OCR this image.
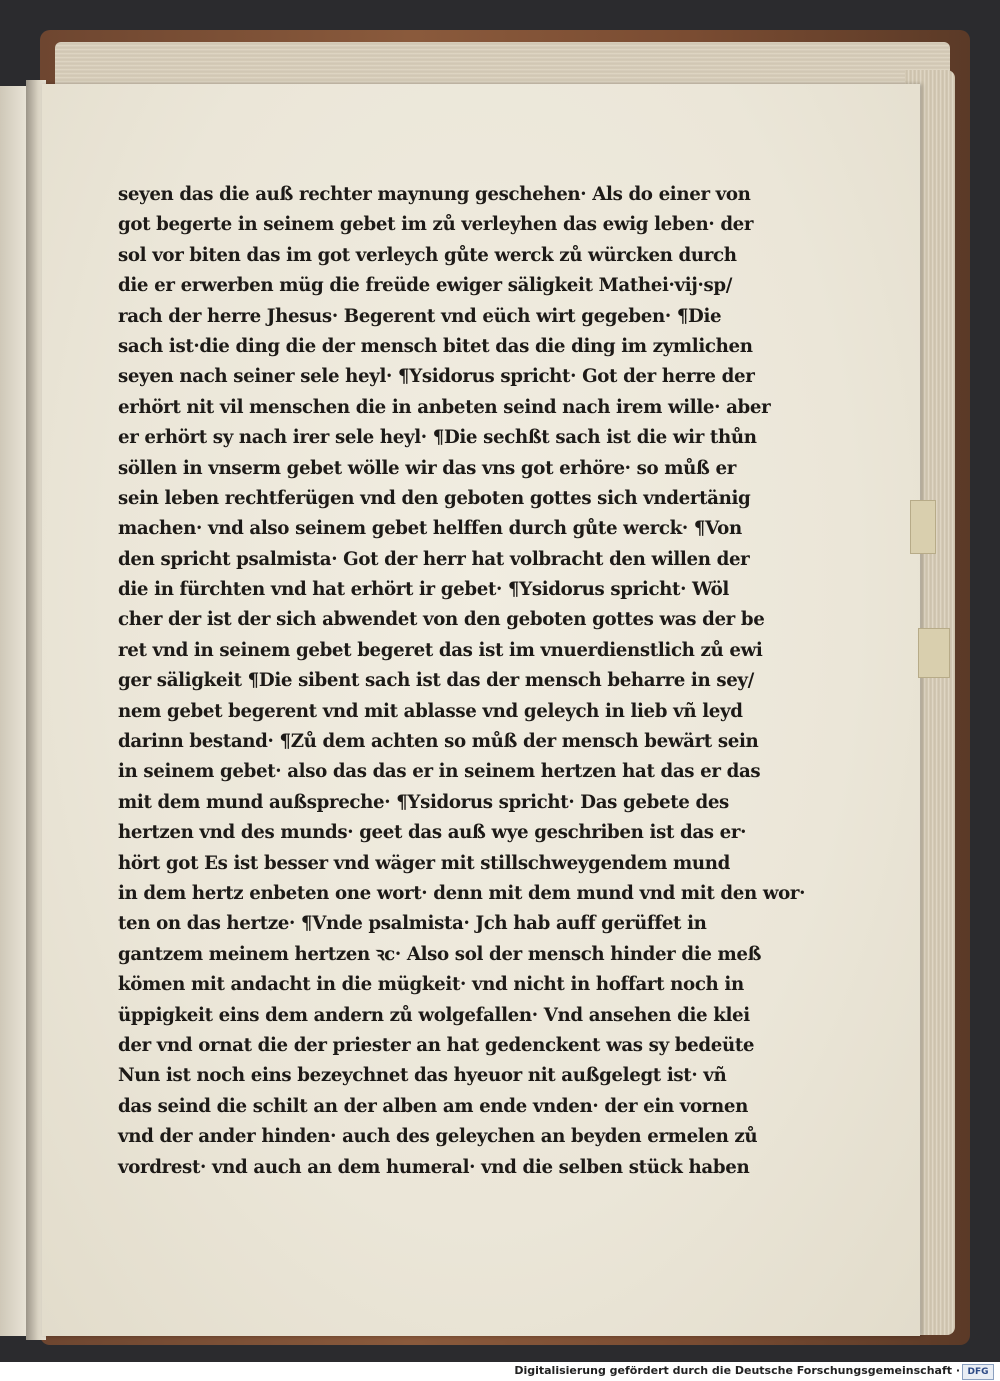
seyen das die auß rechter maynung geschehen· Als do einer von
got begerte in seinem gebet im zů verleyhen das ewig leben· der
sol vor biten das im got verleych gůte werck zů würcken durch
die er erwerben müg die freüde ewiger säligkeit Mathei·vij·sp/
rach der herre Jhesus· Begerent vnd eüch wirt gegeben· ¶Die
sach ist·die ding die der mensch bitet das die ding im zymlichen
seyen nach seiner sele heyl· ¶Ysidorus spricht· Got der herre der
erhört nit vil menschen die in anbeten seind nach irem wille· aber
er erhört sy nach irer sele heyl· ¶Die sechßt sach ist die wir thůn
söllen in vnserm gebet wölle wir das vns got erhöre· so můß er
sein leben rechtferügen vnd den geboten gottes sich vndertänig
machen· vnd also seinem gebet helffen durch gůte werck· ¶Von
den spricht psalmista· Got der herr hat volbracht den willen der
die in fürchten vnd hat erhört ir gebet· ¶Ysidorus spricht· Wöl
cher der ist der sich abwendet von den geboten gottes was der be
ret vnd in seinem gebet begeret das ist im vnuerdienstlich zů ewi
ger säligkeit ¶Die sibent sach ist das der mensch beharre in sey/
nem gebet begerent vnd mit ablasse vnd geleych in lieb vñ leyd
darinn bestand· ¶Zů dem achten so můß der mensch bewärt sein
in seinem gebet· also das das er in seinem hertzen hat das er das
mit dem mund außspreche· ¶Ysidorus spricht· Das gebete des
hertzen vnd des munds· geet das auß wye geschriben ist das er·
hört got Es ist besser vnd wäger mit stillschweygendem mund
in dem hertz enbeten one wort· denn mit dem mund vnd mit den wor·
ten on das hertze· ¶Vnde psalmista· Jch hab auff gerüffet in
gantzem meinem hertzen ꝛc· Also sol der mensch hinder die meß
kömen mit andacht in die mügkeit· vnd nicht in hoffart noch in
üppigkeit eins dem andern zů wolgefallen· Vnd ansehen die klei
der vnd ornat die der priester an hat gedenckent was sy bedeüte
Nun ist noch eins bezeychnet das hyeuor nit außgelegt ist· vñ
das seind die schilt an der alben am ende vnden· der ein vornen
vnd der ander hinden· auch des geleychen an beyden ermelen zů
vordrest· vnd auch an dem humeral· vnd die selben stück haben
Digitalisierung gefördert durch die Deutsche Forschungsgemeinschaft · DFG
